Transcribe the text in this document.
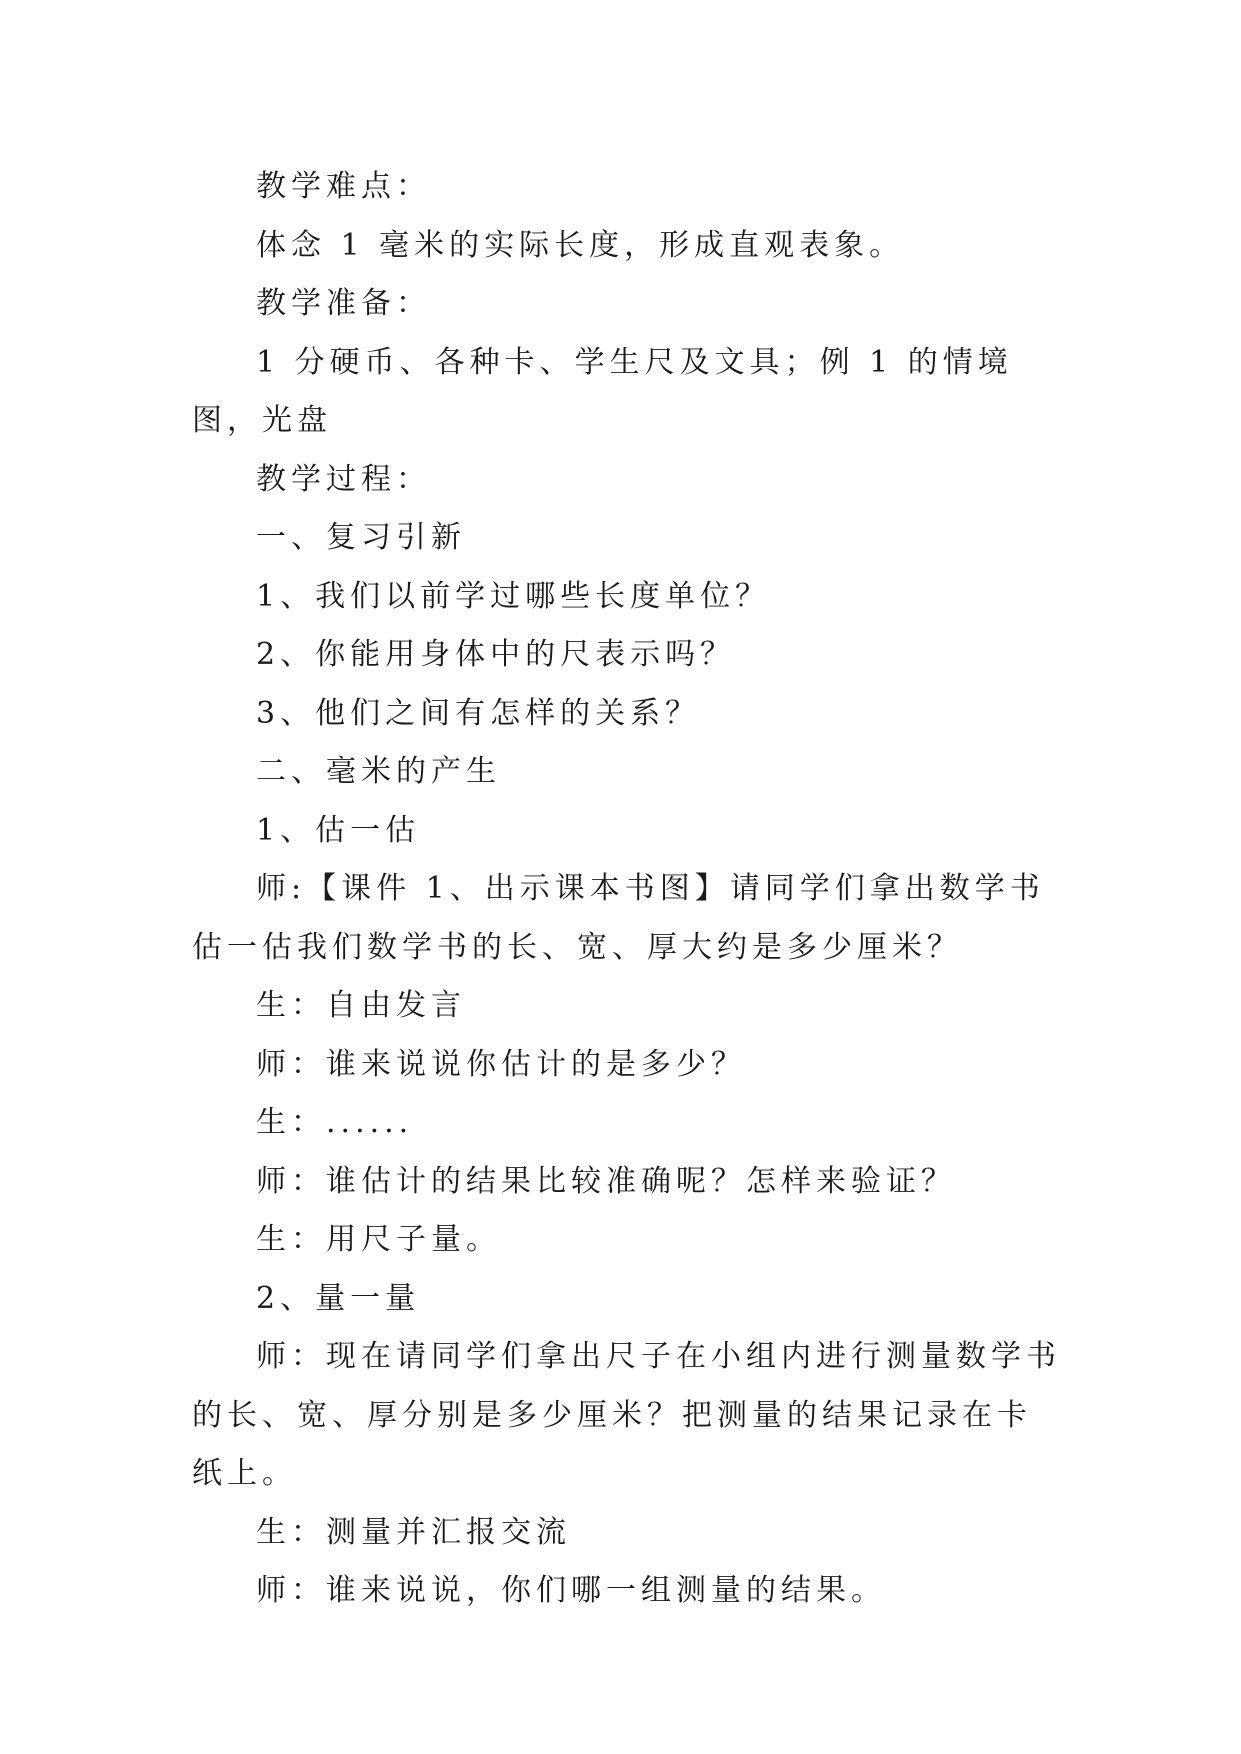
教学难点：

体念 1 毫米的实际长度，形成直观表象。

教学准备：

1 分硬币、各种卡、学生尺及文具；例 1 的情境图，光盘

教学过程：

一、复习引新

1、我们以前学过哪些长度单位？

2、你能用身体中的尺表示吗？

3、他们之间有怎样的关系？

二、毫米的产生

1、估一估

师:【课件 1、出示课本书图】请同学们拿出数学书估一估我们数学书的长、宽、厚大约是多少厘米？

生：自由发言

师：谁来说说你估计的是多少？

生：......

师：谁估计的结果比较准确呢？怎样来验证？

生：用尺子量。

2、量一量

师：现在请同学们拿出尺子在小组内进行测量数学书的长、宽、厚分别是多少厘米？把测量的结果记录在卡纸上。

生：测量并汇报交流

师：谁来说说，你们哪一组测量的结果。
